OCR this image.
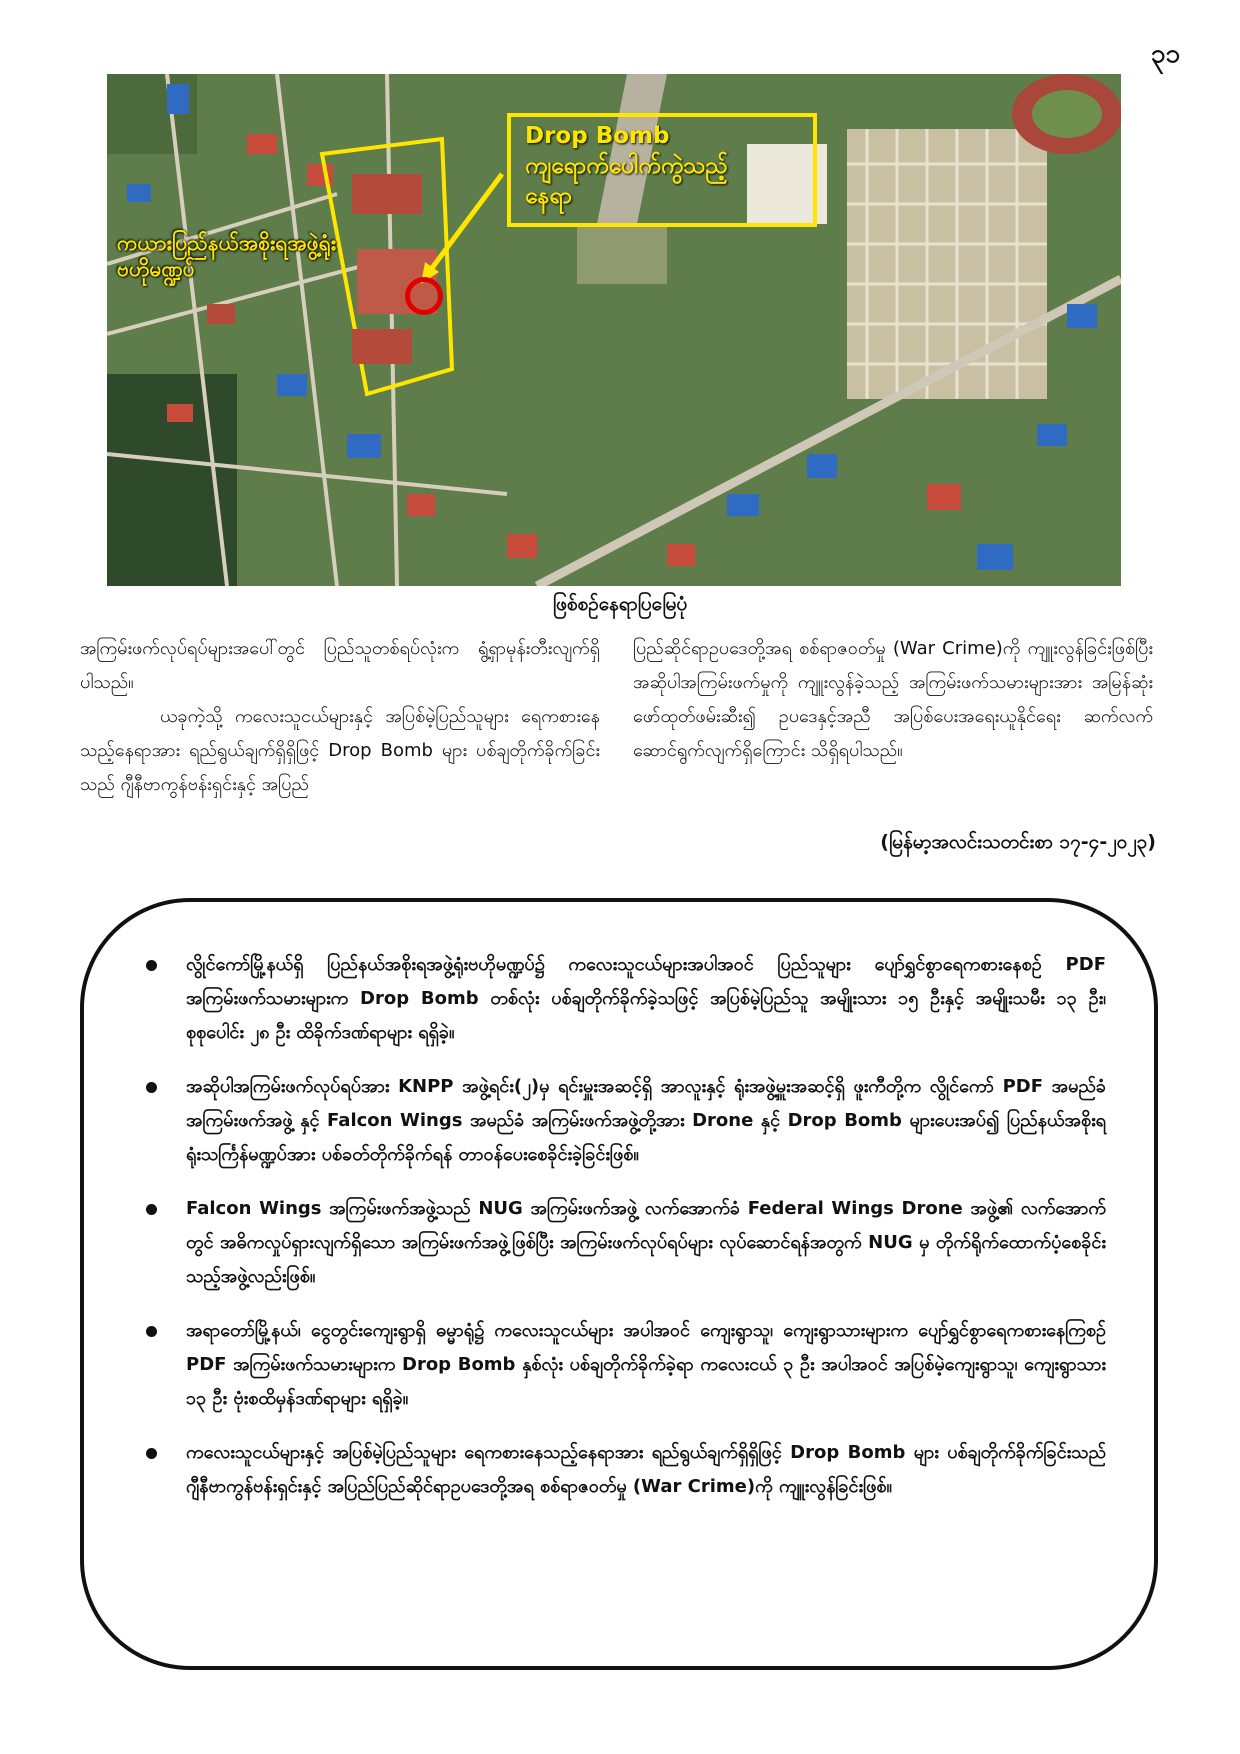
၃၁
Drop Bomb
ကျရောက်ပေါက်ကွဲသည့်
နေရာ
ကယားပြည်နယ်အစိုးရအဖွဲ့ရုံး
ဗဟိုမဏ္ဍပ်
ဖြစ်စဉ်နေရာပြမြေပုံ

အကြမ်းဖက်လုပ်ရပ်များအပေါ်တွင် ပြည်သူတစ်ရပ်လုံးက ရွံ့ရှာမုန်းတီးလျက်ရှိပါသည်။

ယခုကဲ့သို့ ကလေးသူငယ်များနှင့် အပြစ်မဲ့ပြည်သူများ ရေကစားနေသည့်နေရာအား ရည်ရွယ်ချက်ရှိရှိဖြင့် Drop Bomb များ ပစ်ချတိုက်ခိုက်ခြင်းသည် ဂျီနီဗာကွန်ဗန်းရှင်းနှင့် အပြည်

ပြည်ဆိုင်ရာဥပဒေတို့အရ စစ်ရာဇဝတ်မှု (War Crime)ကို ကျူးလွန်ခြင်းဖြစ်ပြီး အဆိုပါအကြမ်းဖက်မှုကို ကျူးလွန်ခဲ့သည့် အကြမ်းဖက်သမားများအား အမြန်ဆုံးဖော်ထုတ်ဖမ်းဆီး၍ ဥပဒေနှင့်အညီ အပြစ်ပေးအရေးယူနိုင်ရေး ဆက်လက်ဆောင်ရွက်လျက်ရှိကြောင်း သိရှိရပါသည်။

(မြန်မာ့အလင်းသတင်းစာ ၁၇-၄-၂၀၂၃)
လွိုင်ကော်မြို့နယ်ရှိ ပြည်နယ်အစိုးရအဖွဲ့ရုံးဗဟိုမဏ္ဍပ်၌ ကလေးသူငယ်များအပါအဝင် ပြည်သူများ ပျော်ရွှင်စွာရေကစားနေစဉ် PDF အကြမ်းဖက်သမားများက Drop Bomb တစ်လုံး ပစ်ချတိုက်ခိုက်ခဲ့သဖြင့် အပြစ်မဲ့ပြည်သူ အမျိုးသား ၁၅ ဦးနှင့် အမျိုးသမီး ၁၃ ဦး၊ စုစုပေါင်း ၂၈ ဦး ထိခိုက်ဒဏ်ရာများ ရရှိခဲ့။
အဆိုပါအကြမ်းဖက်လုပ်ရပ်အား KNPP အဖွဲ့ရင်း(၂)မှ ရင်းမှူးအဆင့်ရှိ အာလူးနှင့် ရုံးအဖွဲ့မှူးအဆင့်ရှိ ဖူးကီတို့က လွိုင်ကော် PDF အမည်ခံအကြမ်းဖက်အဖွဲ့ နှင့် Falcon Wings အမည်ခံ အကြမ်းဖက်အဖွဲ့တို့အား Drone နှင့် Drop Bomb များပေးအပ်၍ ပြည်နယ်အစိုးရရုံးသင်္ကြန်မဏ္ဍပ်အား ပစ်ခတ်တိုက်ခိုက်ရန် တာဝန်ပေးစေခိုင်းခဲ့ခြင်းဖြစ်။
Falcon Wings အကြမ်းဖက်အဖွဲ့သည် NUG အကြမ်းဖက်အဖွဲ့ လက်အောက်ခံ Federal Wings Drone အဖွဲ့၏ လက်အောက်တွင် အဓိကလှုပ်ရှားလျက်ရှိသော အကြမ်းဖက်အဖွဲ့ဖြစ်ပြီး အကြမ်းဖက်လုပ်ရပ်များ လုပ်ဆောင်ရန်အတွက် NUG မှ တိုက်ရိုက်ထောက်ပံ့စေခိုင်းသည့်အဖွဲ့လည်းဖြစ်။
အရာတော်မြို့နယ်၊ ငွေတွင်းကျေးရွာရှိ ဓမ္မာရုံ၌ ကလေးသူငယ်များ အပါအဝင် ကျေးရွာသူ၊ ကျေးရွာသားများက ပျော်ရွှင်စွာရေကစားနေကြစဉ် PDF အကြမ်းဖက်သမားများက Drop Bomb နှစ်လုံး ပစ်ချတိုက်ခိုက်ခဲ့ရာ ကလေးငယ် ၃ ဦး အပါအဝင် အပြစ်မဲ့ကျေးရွာသူ၊ ကျေးရွာသား ၁၃ ဦး ဗုံးစထိမှန်ဒဏ်ရာများ ရရှိခဲ့။
ကလေးသူငယ်များနှင့် အပြစ်မဲ့ပြည်သူများ ရေကစားနေသည့်နေရာအား ရည်ရွယ်ချက်ရှိရှိဖြင့် Drop Bomb များ ပစ်ချတိုက်ခိုက်ခြင်းသည် ဂျီနီဗာကွန်ဗန်းရှင်းနှင့် အပြည်ပြည်ဆိုင်ရာဥပဒေတို့အရ စစ်ရာဇဝတ်မှု (War Crime)ကို ကျူးလွန်ခြင်းဖြစ်။
